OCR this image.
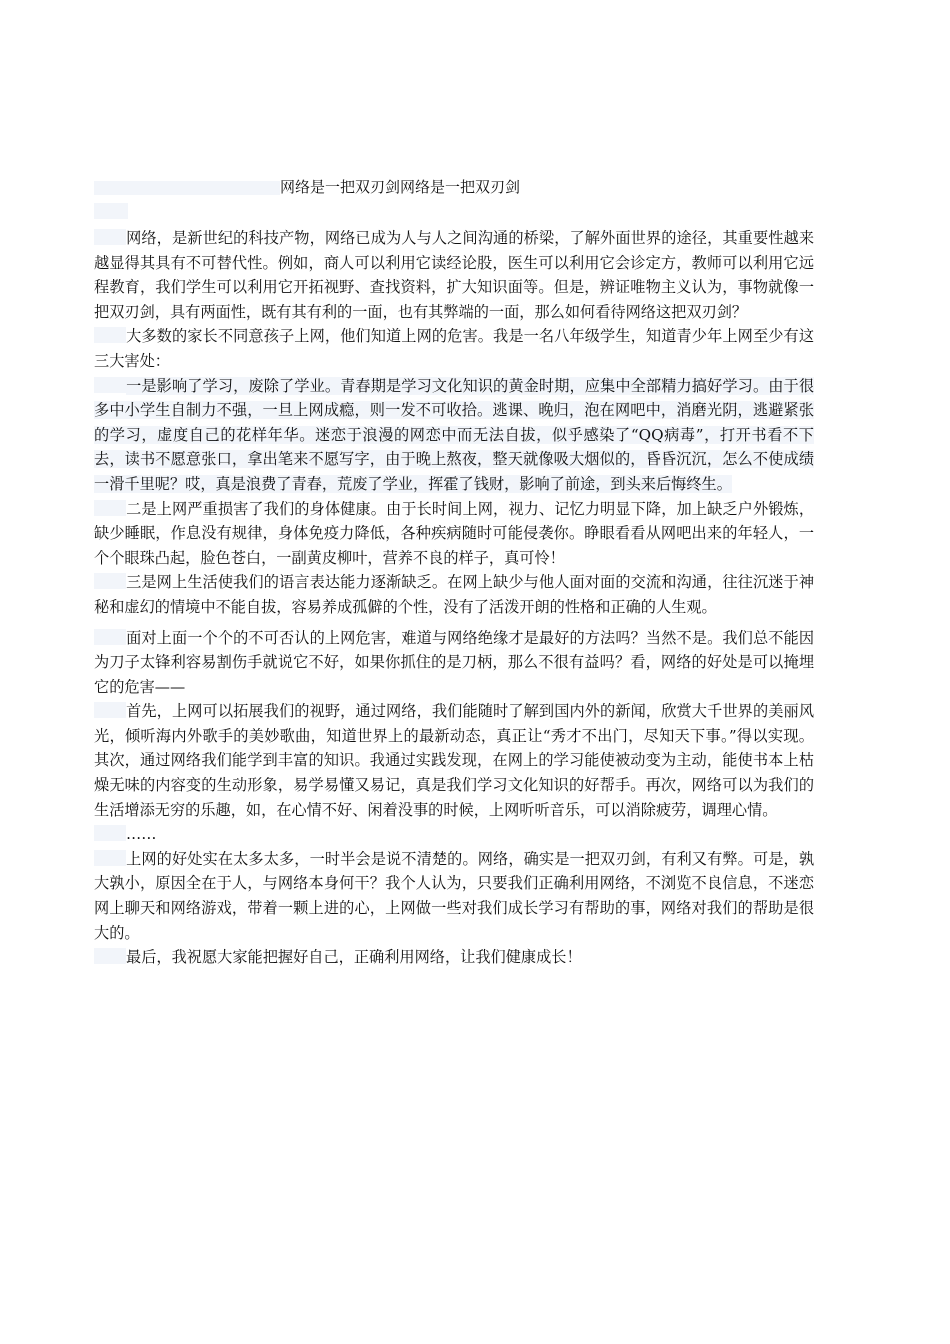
网络是一把双刃剑网络是一把双刃剑

网络，是新世纪的科技产物，网络已成为人与人之间沟通的桥梁，了解外面世界的途径，其重要性越来越显得其具有不可替代性。例如，商人可以利用它读经论股，医生可以利用它会诊定方，教师可以利用它远程教育，我们学生可以利用它开拓视野、查找资料，扩大知识面等。但是，辨证唯物主义认为，事物就像一把双刃剑，具有两面性，既有其有利的一面，也有其弊端的一面，那么如何看待网络这把双刃剑？

大多数的家长不同意孩子上网，他们知道上网的危害。我是一名八年级学生，知道青少年上网至少有这三大害处：

一是影响了学习，废除了学业。青春期是学习文化知识的黄金时期，应集中全部精力搞好学习。由于很多中小学生自制力不强，一旦上网成瘾，则一发不可收拾。逃课、晚归，泡在网吧中，消磨光阴，逃避紧张的学习，虚度自己的花样年华。迷恋于浪漫的网恋中而无法自拔，似乎感染了“QQ病毒”，打开书看不下去，读书不愿意张口，拿出笔来不愿写字，由于晚上熬夜，整天就像吸大烟似的，昏昏沉沉，怎么不使成绩一滑千里呢？哎，真是浪费了青春，荒废了学业，挥霍了钱财，影响了前途，到头来后悔终生。

二是上网严重损害了我们的身体健康。由于长时间上网，视力、记忆力明显下降，加上缺乏户外锻炼，缺少睡眠，作息没有规律，身体免疫力降低，各种疾病随时可能侵袭你。睁眼看看从网吧出来的年轻人，一个个眼珠凸起，脸色苍白，一副黄皮柳叶，营养不良的样子，真可怜！

三是网上生活使我们的语言表达能力逐渐缺乏。在网上缺少与他人面对面的交流和沟通，往往沉迷于神秘和虚幻的情境中不能自拔，容易养成孤僻的个性，没有了活泼开朗的性格和正确的人生观。

面对上面一个个的不可否认的上网危害，难道与网络绝缘才是最好的方法吗？当然不是。我们总不能因为刀子太锋利容易割伤手就说它不好，如果你抓住的是刀柄，那么不很有益吗？看，网络的好处是可以掩埋它的危害——

首先，上网可以拓展我们的视野，通过网络，我们能随时了解到国内外的新闻，欣赏大千世界的美丽风光，倾听海内外歌手的美妙歌曲，知道世界上的最新动态，真正让“秀才不出门，尽知天下事。”得以实现。其次，通过网络我们能学到丰富的知识。我通过实践发现，在网上的学习能使被动变为主动，能使书本上枯燥无味的内容变的生动形象，易学易懂又易记，真是我们学习文化知识的好帮手。再次，网络可以为我们的生活增添无穷的乐趣，如，在心情不好、闲着没事的时候，上网听听音乐，可以消除疲劳，调理心情。

……

上网的好处实在太多太多，一时半会是说不清楚的。网络，确实是一把双刃剑，有利又有弊。可是，孰大孰小，原因全在于人，与网络本身何干？我个人认为，只要我们正确利用网络，不浏览不良信息，不迷恋网上聊天和网络游戏，带着一颗上进的心，上网做一些对我们成长学习有帮助的事，网络对我们的帮助是很大的。

最后，我祝愿大家能把握好自己，正确利用网络，让我们健康成长！
